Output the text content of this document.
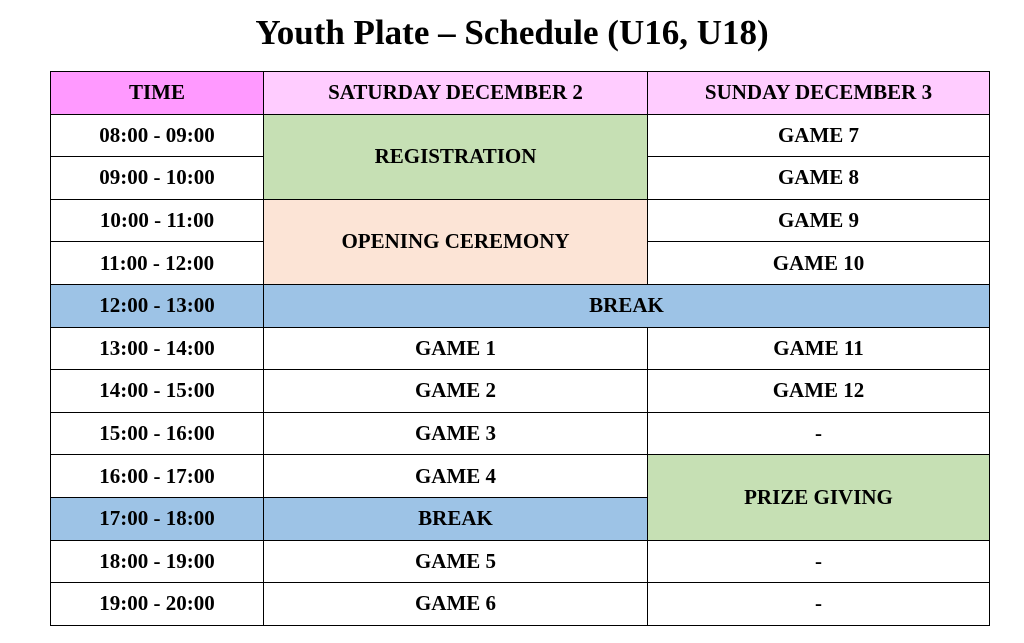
Youth Plate – Schedule (U16, U18)
TIME	SATURDAY DECEMBER 2	SUNDAY DECEMBER 3
08:00 - 09:00	REGISTRATION	GAME 7
09:00 - 10:00		GAME 8
10:00 - 11:00	OPENING CEREMONY	GAME 9
11:00 - 12:00		GAME 10
12:00 - 13:00	BREAK	
13:00 - 14:00	GAME 1	GAME 11
14:00 - 15:00	GAME 2	GAME 12
15:00 - 16:00	GAME 3	-
16:00 - 17:00	GAME 4	PRIZE GIVING
17:00 - 18:00	BREAK	
18:00 - 19:00	GAME 5	-
19:00 - 20:00	GAME 6	-
